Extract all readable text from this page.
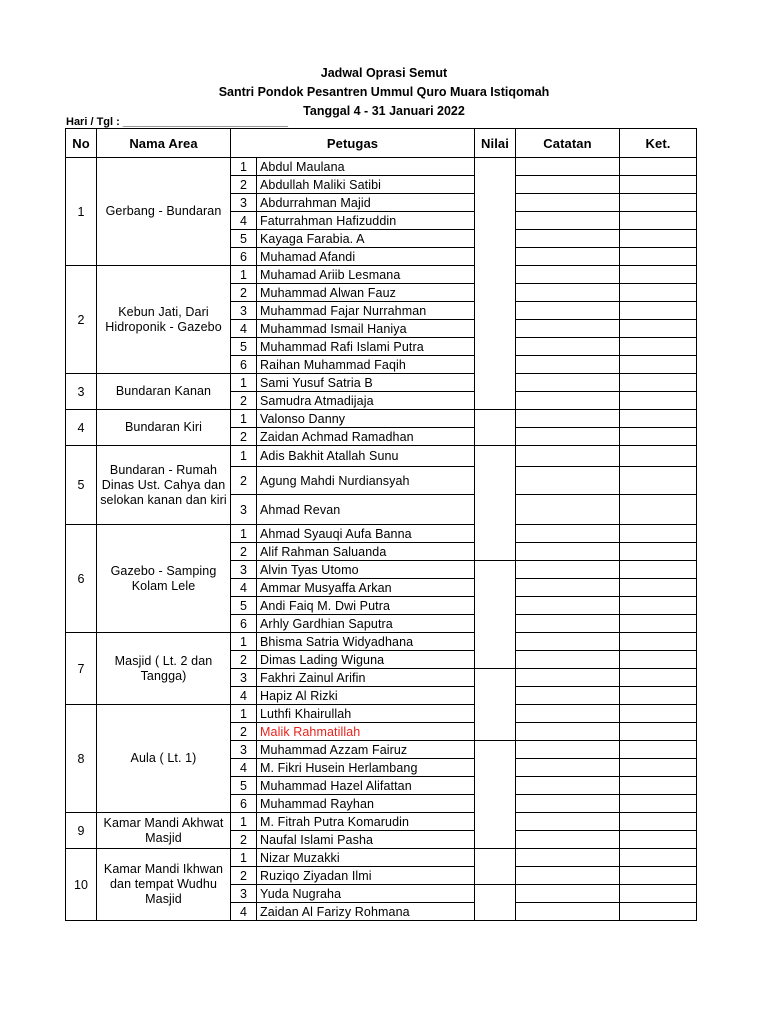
Jadwal Oprasi Semut
Santri Pondok Pesantren Ummul Quro Muara Istiqomah
Tanggal 4 - 31 Januari 2022
Hari / Tgl : ___________________________
No	Nama Area	Petugas		Nilai	Catatan	Ket.
1	Gerbang - Bundaran	1	Abdul Maulana			
		2	Abdullah Maliki Satibi			
		3	Abdurrahman Majid			
		4	Faturrahman Hafizuddin			
		5	Kayaga Farabia. A			
		6	Muhamad Afandi			
2	Kebun Jati, Dari Hidroponik - Gazebo	1	Muhamad Ariib Lesmana			
		2	Muhammad Alwan Fauz			
		3	Muhammad Fajar Nurrahman			
		4	Muhammad Ismail Haniya			
		5	Muhammad Rafi Islami Putra			
		6	Raihan Muhammad Faqih			
3	Bundaran Kanan	1	Sami Yusuf Satria B			
		2	Samudra Atmadijaja			
4	Bundaran Kiri	1	Valonso Danny			
		2	Zaidan Achmad Ramadhan			
5	Bundaran - Rumah Dinas Ust. Cahya dan selokan kanan dan kiri	1	Adis Bakhit Atallah Sunu			
		2	Agung Mahdi Nurdiansyah			
		3	Ahmad Revan			
6	Gazebo - Samping Kolam Lele	1	Ahmad Syauqi Aufa Banna			
		2	Alif Rahman Saluanda			
		3	Alvin Tyas Utomo			
		4	Ammar Musyaffa Arkan			
		5	Andi Faiq M. Dwi Putra			
		6	Arhly Gardhian Saputra			
7	Masjid ( Lt. 2 dan Tangga)	1	Bhisma Satria Widyadhana			
		2	Dimas Lading Wiguna			
		3	Fakhri Zainul Arifin			
		4	Hapiz Al Rizki			
8	Aula ( Lt. 1)	1	Luthfi Khairullah			
		2	Malik Rahmatillah			
		3	Muhammad Azzam Fairuz			
		4	M. Fikri Husein Herlambang			
		5	Muhammad Hazel Alifattan			
		6	Muhammad Rayhan			
9	Kamar Mandi Akhwat Masjid	1	M. Fitrah Putra Komarudin			
		2	Naufal Islami Pasha			
10	Kamar Mandi Ikhwan dan tempat Wudhu Masjid	1	Nizar Muzakki			
		2	Ruziqo Ziyadan Ilmi			
		3	Yuda Nugraha			
		4	Zaidan Al Farizy Rohmana			
